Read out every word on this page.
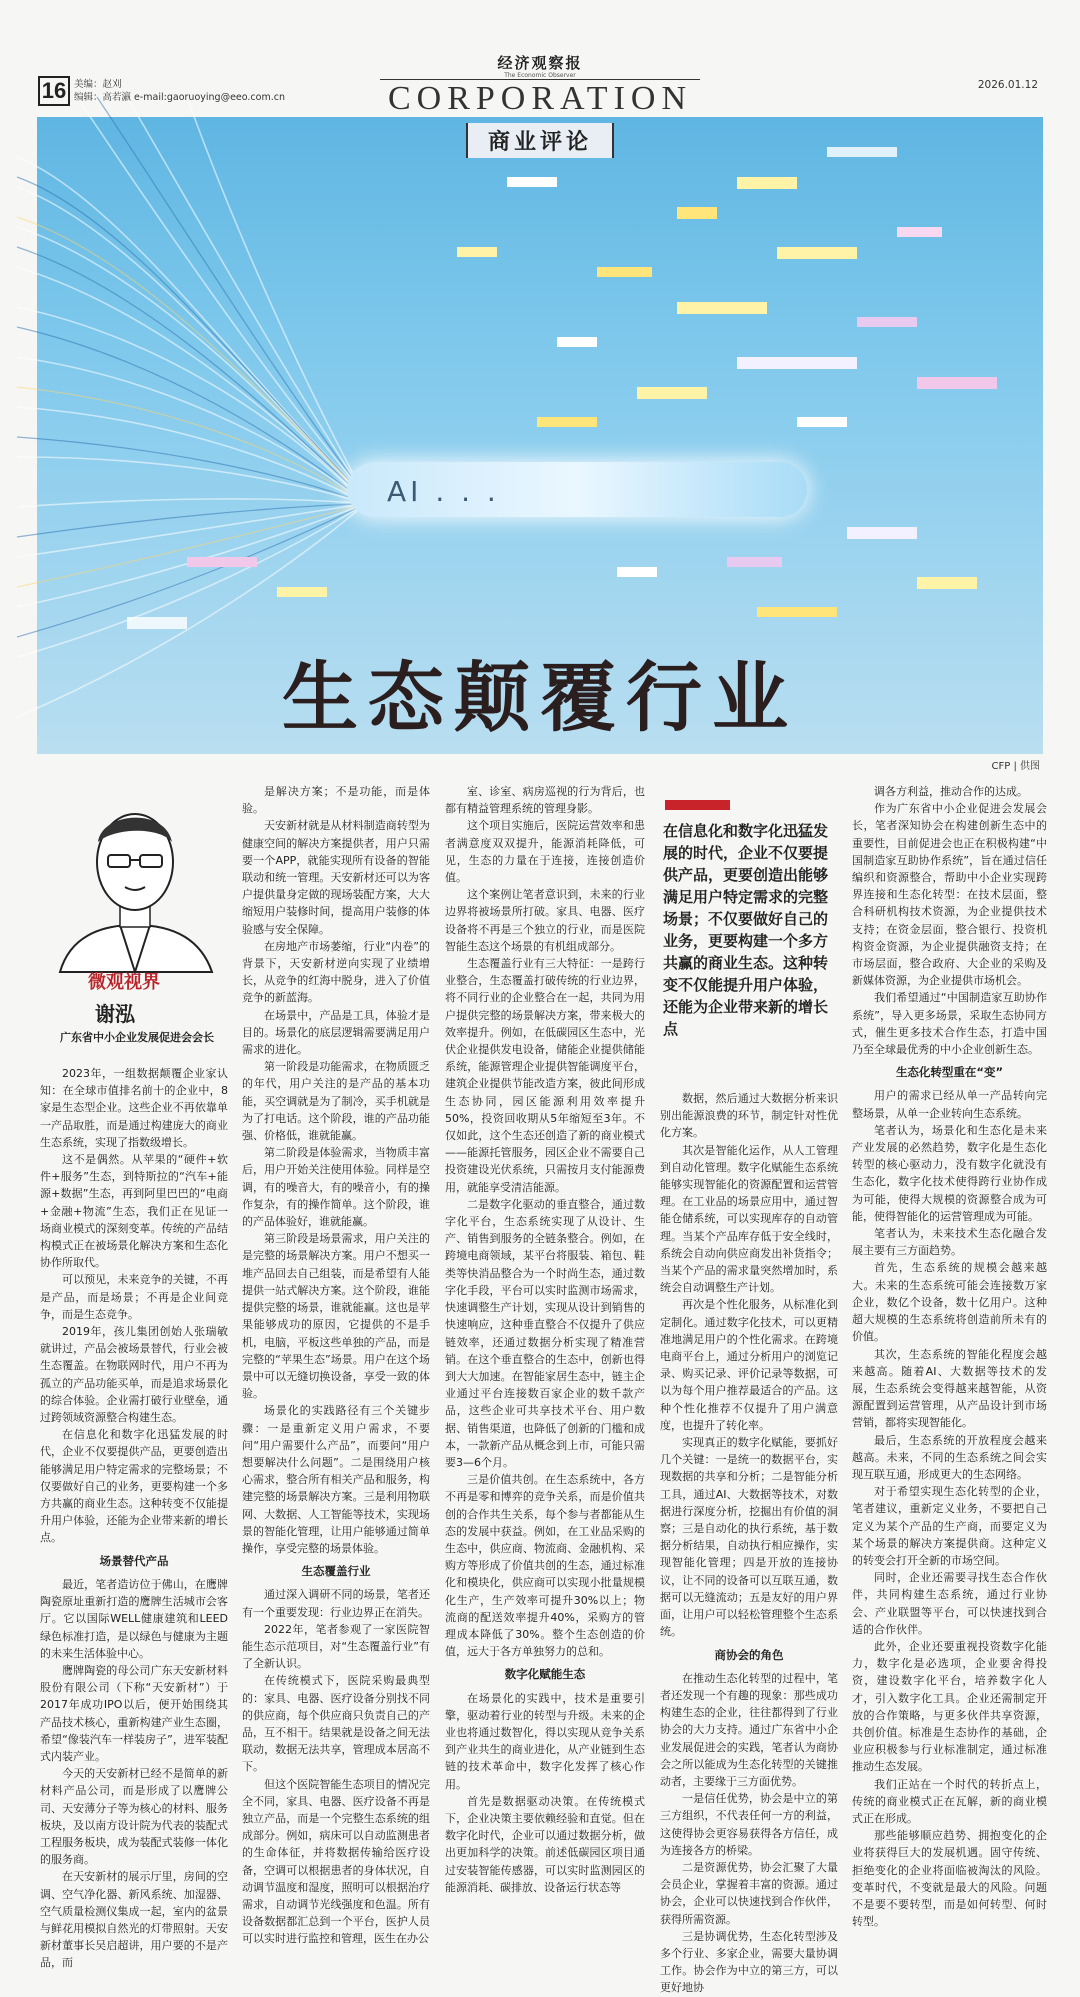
16 美编：赵刈
编辑：高若瀛 e-mail:gaoruoying@eeo.com.cn
经济观察报
The Economic Observer
CORPORATION	2026.01.12
商业评论
AI . . .
生态颠覆行业
CFP | 供图
微观视界
谢泓
广东省中小企业发展促进会会长
在信息化和数字化迅猛发展的时代，企业不仅要提供产品，更要创造出能够满足用户特定需求的完整场景；不仅要做好自己的业务，更要构建一个多方共赢的商业生态。这种转变不仅能提升用户体验，还能为企业带来新的增长点

2023年，一组数据颠覆企业家认知：在全球市值排名前十的企业中，8家是生态型企业。这些企业不再依靠单一产品取胜，而是通过构建庞大的商业生态系统，实现了指数级增长。

这不是偶然。从苹果的“硬件+软件+服务”生态，到特斯拉的“汽车+能源+数据”生态，再到阿里巴巴的“电商+金融+物流”生态，我们正在见证一场商业模式的深刻变革。传统的产品结构模式正在被场景化解决方案和生态化协作所取代。

可以预见，未来竞争的关键，不再是产品，而是场景；不再是企业间竞争，而是生态竞争。

2019年，孩儿集团创始人张瑞敏就讲过，产品会被场景替代，行业会被生态覆盖。在物联网时代，用户不再为孤立的产品功能买单，而是追求场景化的综合体验。企业需打破行业壁垒，通过跨领域资源整合构建生态。

在信息化和数字化迅猛发展的时代，企业不仅要提供产品，更要创造出能够满足用户特定需求的完整场景；不仅要做好自己的业务，更要构建一个多方共赢的商业生态。这种转变不仅能提升用户体验，还能为企业带来新的增长点。

场景替代产品

最近，笔者造访位于佛山，在鹰牌陶瓷原址重新打造的鹰牌生活城市会客厅。它以国际WELL健康建筑和LEED绿色标准打造，是以绿色与健康为主题的未来生活体验中心。

鹰牌陶瓷的母公司广东天安新材料股份有限公司（下称“天安新材”）于2017年成功IPO以后，便开始围绕其产品技术核心，重新构建产业生态圈，希望“像装汽车一样装房子”，进军装配式内装产业。

今天的天安新材已经不是简单的新材料产品公司，而是形成了以鹰牌公司、天安薄分子等为核心的材料、服务板块，及以南方设计院为代表的装配式工程服务板块，成为装配式装修一体化的服务商。

在天安新材的展示厅里，房间的空调、空气净化器、新风系统、加湿器、空气质量检测仪集成一起，室内的盆景与鲜花用模拟自然光的灯带照射。天安新材董事长吴启超讲，用户要的不是产品，而

是解决方案；不是功能，而是体验。

天安新材就是从材料制造商转型为健康空间的解决方案提供者，用户只需要一个APP，就能实现所有设备的智能联动和统一管理。天安新材还可以为客户提供量身定做的现场装配方案，大大缩短用户装修时间，提高用户装修的体验感与安全保障。

在房地产市场萎缩，行业“内卷”的背景下，天安新材逆向实现了业绩增长，从竞争的红海中脱身，进入了价值竞争的新蓝海。

在场景中，产品是工具，体验才是目的。场景化的底层逻辑需要满足用户需求的进化。

第一阶段是功能需求，在物质匮乏的年代，用户关注的是产品的基本功能，买空调就是为了制冷，买手机就是为了打电话。这个阶段，谁的产品功能强、价格低，谁就能赢。

第二阶段是体验需求，当物质丰富后，用户开始关注使用体验。同样是空调，有的噪音大，有的噪音小，有的操作复杂，有的操作简单。这个阶段，谁的产品体验好，谁就能赢。

第三阶段是场景需求，用户关注的是完整的场景解决方案。用户不想买一堆产品回去自己组装，而是希望有人能提供一站式解决方案。这个阶段，谁能提供完整的场景，谁就能赢。这也是苹果能够成功的原因，它提供的不是手机，电脑，平板这些单独的产品，而是完整的“苹果生态”场景。用户在这个场景中可以无缝切换设备，享受一致的体验。

场景化的实践路径有三个关键步骤：一是重新定义用户需求，不要问“用户需要什么产品”，而要问“用户想要解决什么问题”。二是围绕用户核心需求，整合所有相关产品和服务，构建完整的场景解决方案。三是利用物联网、大数据、人工智能等技术，实现场景的智能化管理，让用户能够通过简单操作，享受完整的场景体验。

生态覆盖行业

通过深入调研不同的场景，笔者还有一个重要发现：行业边界正在消失。

2022年，笔者参观了一家医院智能生态示范项目，对“生态覆盖行业”有了全新认识。

在传统模式下，医院采购最典型的：家具、电器、医疗设备分别找不同的供应商，每个供应商只负责自己的产品，互不相干。结果就是设备之间无法联动，数据无法共享，管理成本居高不下。

但这个医院智能生态项目的情况完全不同，家具、电器、医疗设备不再是独立产品，而是一个完整生态系统的组成部分。例如，病床可以自动监测患者的生命体征，并将数据传输给医疗设备，空调可以根据患者的身体状况，自动调节温度和湿度，照明可以根据治疗需求，自动调节光线强度和色温。所有设备数据都汇总到一个平台，医护人员可以实时进行监控和管理，医生在办公

室、诊室、病房巡视的行为背后，也都有精益管理系统的管理身影。

这个项目实施后，医院运营效率和患者满意度双双提升，能源消耗降低，可见，生态的力量在于连接，连接创造价值。

这个案例让笔者意识到，未来的行业边界将被场景所打破。家具、电器、医疗设备将不再是三个独立的行业，而是医院智能生态这个场景的有机组成部分。

生态覆盖行业有三大特征：一是跨行业整合，生态覆盖打破传统的行业边界，将不同行业的企业整合在一起，共同为用户提供完整的场景解决方案，带来极大的效率提升。例如，在低碳园区生态中，光伏企业提供发电设备，储能企业提供储能系统，能源管理企业提供智能调度平台，建筑企业提供节能改造方案，彼此间形成生态协同，园区能源利用效率提升50%，投资回收期从5年缩短至3年。不仅如此，这个生态还创造了新的商业模式——能源托管服务，园区企业不需要自己投资建设光伏系统，只需按月支付能源费用，就能享受清洁能源。

二是数字化驱动的垂直整合，通过数字化平台，生态系统实现了从设计、生产、销售到服务的全链条整合。例如，在跨境电商领域，某平台将服装、箱包、鞋类等快消品整合为一个时尚生态，通过数字化手段，平台可以实时监测市场需求，快速调整生产计划，实现从设计到销售的快速响应，这种垂直整合不仅提升了供应链效率，还通过数据分析实现了精准营销。在这个垂直整合的生态中，创新也得到大大加速。在智能家居生态中，链主企业通过平台连接数百家企业的数千款产品，这些企业可共享技术平台、用户数据、销售渠道，也降低了创新的门槛和成本，一款新产品从概念到上市，可能只需要3—6个月。

三是价值共创。在生态系统中，各方不再是零和博弈的竞争关系，而是价值共创的合作共生关系，每个参与者都能从生态的发展中获益。例如，在工业品采购的生态中，供应商、物流商、金融机构、采购方等形成了价值共创的生态，通过标准化和模块化，供应商可以实现小批量规模化生产，生产效率可提升30%以上；物流商的配送效率提升40%，采购方的管理成本降低了30%。整个生态创造的价值，远大于各方单独努力的总和。

数字化赋能生态

在场景化的实践中，技术是重要引擎，驱动着行业的转型与升级。未来的企业也将通过数智化，得以实现从竞争关系到产业共生的商业进化，从产业链到生态链的技术革命中，数字化发挥了核心作用。

首先是数据驱动决策。在传统模式下，企业决策主要依赖经验和直觉。但在数字化时代，企业可以通过数据分析，做出更加科学的决策。前述低碳园区项目通过安装智能传感器，可以实时监测园区的能源消耗、碳排放、设备运行状态等

数据，然后通过大数据分析来识别出能源浪费的环节，制定针对性优化方案。

其次是智能化运作，从人工管理到自动化管理。数字化赋能生态系统能够实现智能化的资源配置和运营管理。在工业品的场景应用中，通过智能仓储系统，可以实现库存的自动管理。当某个产品库存低于安全线时，系统会自动向供应商发出补货指令；当某个产品的需求量突然增加时，系统会自动调整生产计划。

再次是个性化服务，从标准化到定制化。通过数字化技术，可以更精准地满足用户的个性化需求。在跨境电商平台上，通过分析用户的浏览记录、购买记录、评价记录等数据，可以为每个用户推荐最适合的产品。这种个性化推荐不仅提升了用户满意度，也提升了转化率。

实现真正的数字化赋能，要抓好几个关键：一是统一的数据平台，实现数据的共享和分析；二是智能分析工具，通过AI、大数据等技术，对数据进行深度分析，挖掘出有价值的洞察；三是自动化的执行系统，基于数据分析结果，自动执行相应操作，实现智能化管理；四是开放的连接协议，让不同的设备可以互联互通，数据可以无缝流动；五是友好的用户界面，让用户可以轻松管理整个生态系统。

商协会的角色

在推动生态化转型的过程中，笔者还发现一个有趣的现象：那些成功构建生态的企业，往往都得到了行业协会的大力支持。通过广东省中小企业发展促进会的实践，笔者认为商协会之所以能成为生态化转型的关键推动者，主要缘于三方面优势。

一是信任优势，协会是中立的第三方组织，不代表任何一方的利益，这使得协会更容易获得各方信任，成为连接各方的桥梁。

二是资源优势，协会汇聚了大量会员企业，掌握着丰富的资源。通过协会，企业可以快速找到合作伙伴，获得所需资源。

三是协调优势，生态化转型涉及多个行业、多家企业，需要大量协调工作。协会作为中立的第三方，可以更好地协

调各方利益，推动合作的达成。

作为广东省中小企业促进会发展会长，笔者深知协会在构建创新生态中的重要性，目前促进会也正在积极构建“中国制造家互助协作系统”，旨在通过信任编织和资源整合，帮助中小企业实现跨界连接和生态化转型：在技术层面，整合科研机构技术资源，为企业提供技术支持；在资金层面，整合银行、投资机构资金资源，为企业提供融资支持；在市场层面，整合政府、大企业的采购及新媒体资源，为企业提供市场机会。

我们希望通过“中国制造家互助协作系统”，导入更多场景，采取生态协同方式，催生更多技术合作生态，打造中国乃至全球最优秀的中小企业创新生态。

生态化转型重在“变”

用户的需求已经从单一产品转向完整场景，从单一企业转向生态系统。

笔者认为，场景化和生态化是未来产业发展的必然趋势，数字化是生态化转型的核心驱动力，没有数字化就没有生态化，数字化技术使得跨行业协作成为可能，使得大规模的资源整合成为可能，使得智能化的运营管理成为可能。

笔者认为，未来技术生态化融合发展主要有三方面趋势。

首先，生态系统的规模会越来越大。未来的生态系统可能会连接数万家企业，数亿个设备，数十亿用户。这种超大规模的生态系统将创造前所未有的价值。

其次，生态系统的智能化程度会越来越高。随着AI、大数据等技术的发展，生态系统会变得越来越智能，从资源配置到运营管理，从产品设计到市场营销，都将实现智能化。

最后，生态系统的开放程度会越来越高。未来，不同的生态系统之间会实现互联互通，形成更大的生态网络。

对于希望实现生态化转型的企业，笔者建议，重新定义业务，不要把自己定义为某个产品的生产商，而要定义为某个场景的解决方案提供商。这种定义的转变会打开全新的市场空间。

同时，企业还需要寻找生态合作伙伴，共同构建生态系统，通过行业协会、产业联盟等平台，可以快速找到合适的合作伙伴。

此外，企业还要重视投资数字化能力，数字化是必选项，企业要舍得投资，建设数字化平台，培养数字化人才，引入数字化工具。企业还需制定开放的合作策略，与更多伙伴共享资源，共创价值。标准是生态协作的基础，企业应积极参与行业标准制定，通过标准推动生态发展。

我们正站在一个时代的转折点上，传统的商业模式正在瓦解，新的商业模式正在形成。

那些能够顺应趋势、拥抱变化的企业将获得巨大的发展机遇。固守传统、拒绝变化的企业将面临被淘汰的风险。变革时代，不变就是最大的风险。问题不是要不要转型，而是如何转型、何时转型。
